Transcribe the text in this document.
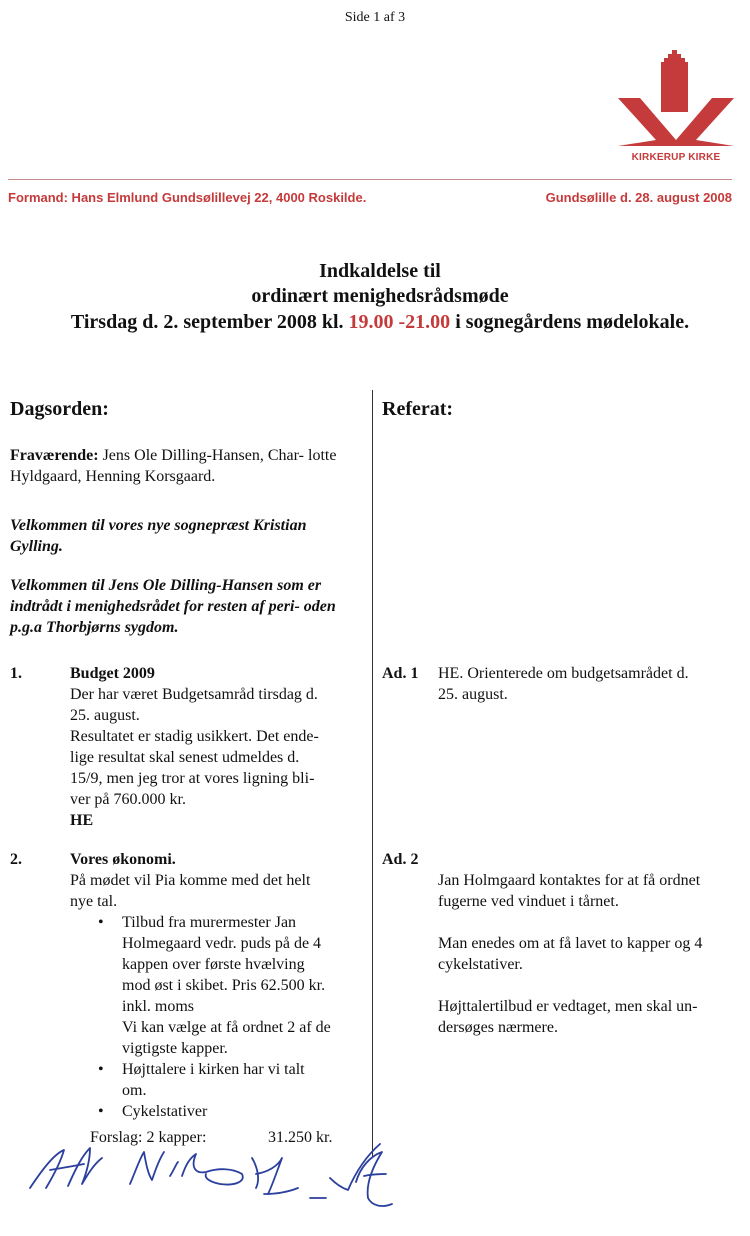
Side 1 af 3
KIRKERUP KIRKE
Formand: Hans Elmlund Gundsølillevej 22, 4000 Roskilde.	Gundsølille d. 28. august 2008
Indkaldelse til
ordinært menighedsrådsmøde
Tirsdag d. 2. september 2008 kl. 19.00 -21.00 i sognegårdens mødelokale.
Dagsorden:
Fraværende: Jens Ole Dilling-Hansen, Char- lotte Hyldgaard, Henning Korsgaard.
Velkommen til vores nye sognepræst Kristian Gylling.
Velkommen til Jens Ole Dilling-Hansen som er indtrådt i menighedsrådet for resten af peri- oden p.g.a Thorbjørns sygdom.
1.	Budget 2009
Der har været Budgetsamråd tirsdag d.
25. august.
Resultatet er stadig usikkert. Det ende-
lige resultat skal senest udmeldes d.
15/9, men jeg tror at vores ligning bli-
ver på 760.000 kr.
HE
2.	Vores økonomi.
På mødet vil Pia komme med det helt
nye tal.
• Tilbud fra murermester Jan
Holmegaard vedr. puds på de 4
kappen over første hvælving
mod øst i skibet. Pris 62.500 kr.
inkl. moms
Vi kan vælge at få ordnet 2 af de
vigtigste kapper.
• Højttalere i kirken har vi talt
om.
• Cykelstativer
Forslag: 2 kapper:	31.250 kr.
Referat:
Ad. 1 HE. Orienterede om budgetsamrådet d.
25. august.
Ad. 2
Jan Holmgaard kontaktes for at få ordnet
fugerne ved vinduet i tårnet.
Man enedes om at få lavet to kapper og 4
cykelstativer.
Højttalertilbud er vedtaget, men skal un-
dersøges nærmere.
